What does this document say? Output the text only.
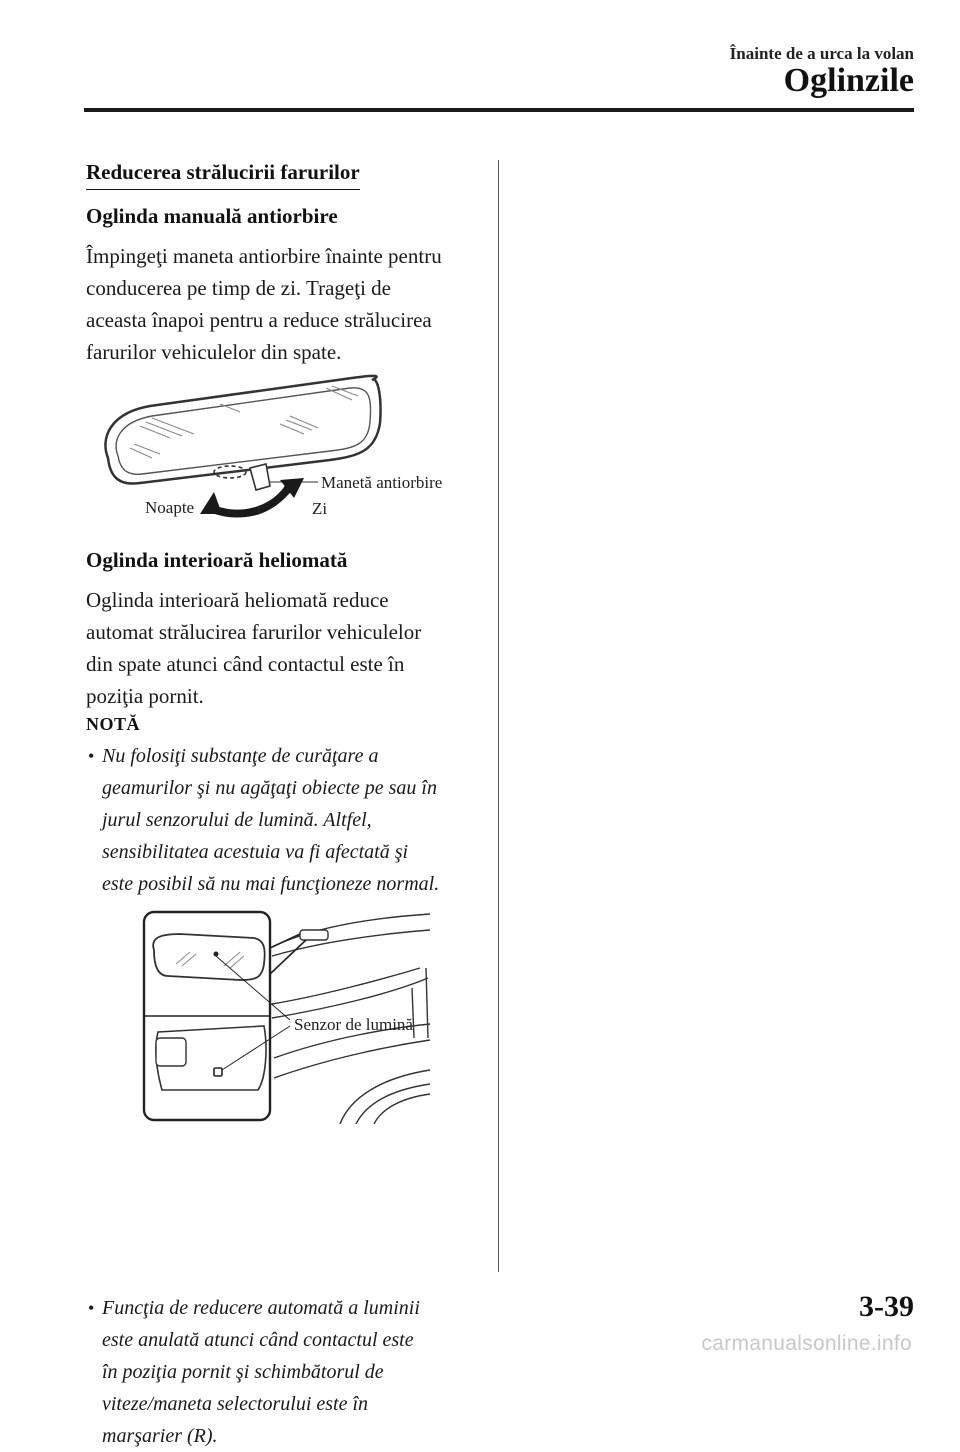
Înainte de a urca la volan
Oglinzile
Reducerea strălucirii farurilor
Oglinda manuală antiorbire

Împingeţi maneta antiorbire înainte pentru

conducerea pe timp de zi. Trageţi de

aceasta înapoi pentru a reduce strălucirea

farurilor vehiculelor din spate.

Manetă antiorbire
Noapte	Zi
Oglinda interioară heliomată

Oglinda interioară heliomată reduce

automat strălucirea farurilor vehiculelor

din spate atunci când contactul este în

poziţia pornit.

NOTĂ
• Nu folosiţi substanţe de curăţare a
geamurilor şi nu agăţaţi obiecte pe sau în
jurul senzorului de lumină. Altfel,
sensibilitatea acestuia va fi afectată şi
este posibil să nu mai funcţioneze normal.
Senzor de lumină
• Funcţia de reducere automată a luminii
este anulată atunci când contactul este
în poziţia pornit şi schimbătorul de
viteze/maneta selectorului este în
marşarier (R).
3-39
carmanualsonline.info
